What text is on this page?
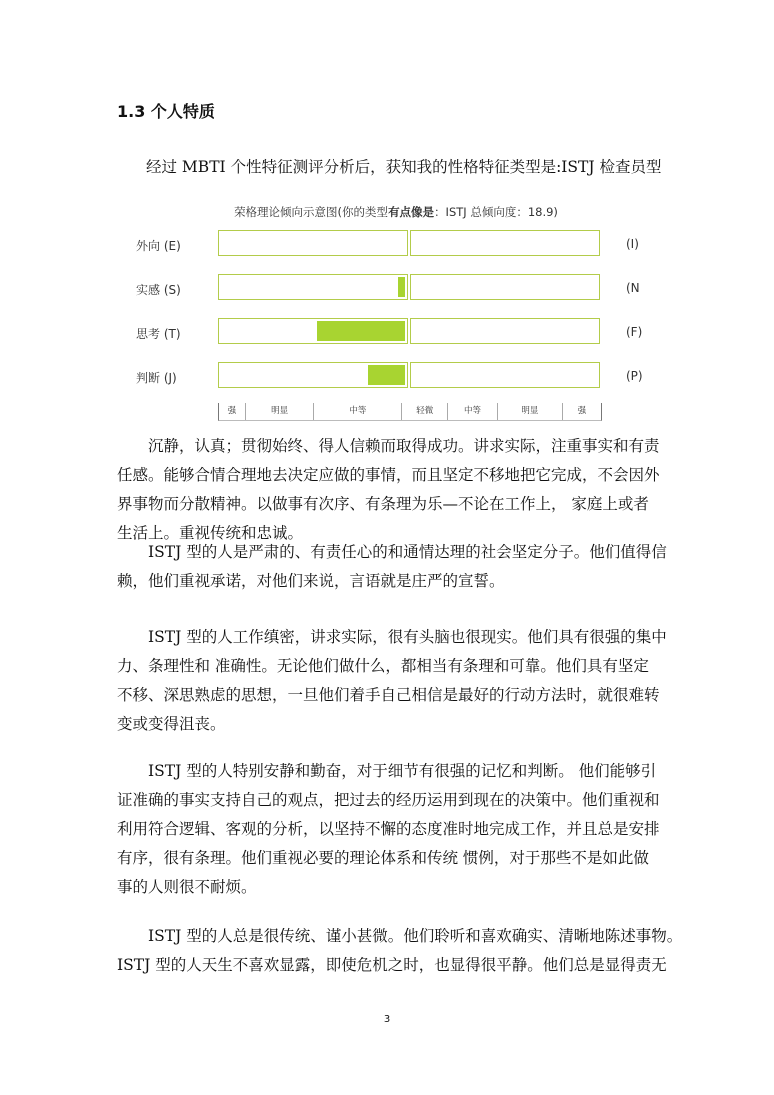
1.3 个人特质

经过 MBTI 个性特征测评分析后，获知我的性格特征类型是:ISTJ 检查员型

荣格理论倾向示意图(你的类型有点像是：ISTJ 总倾向度：18.9)

外向 (E)	(I)
实感 (S)	(N
思考 (T)	(F)
判断 (J)	(P)
强	明显	中等	轻微	中等	明显	强

沉静，认真；贯彻始终、得人信赖而取得成功。讲求实际，注重事实和有责
任感。能够合情合理地去决定应做的事情，而且坚定不移地把它完成，不会因外
界事物而分散精神。以做事有次序、有条理为乐—不论在工作上， 家庭上或者
生活上。重视传统和忠诚。

ISTJ 型的人是严肃的、有责任心的和通情达理的社会坚定分子。他们值得信
赖，他们重视承诺，对他们来说，言语就是庄严的宣誓。

ISTJ 型的人工作缜密，讲求实际，很有头脑也很现实。他们具有很强的集中
力、条理性和 准确性。无论他们做什么，都相当有条理和可靠。他们具有坚定
不移、深思熟虑的思想，一旦他们着手自己相信是最好的行动方法时，就很难转
变或变得沮丧。

ISTJ 型的人特别安静和勤奋，对于细节有很强的记忆和判断。 他们能够引
证准确的事实支持自己的观点，把过去的经历运用到现在的决策中。他们重视和
利用符合逻辑、客观的分析，以坚持不懈的态度准时地完成工作，并且总是安排
有序，很有条理。他们重视必要的理论体系和传统 惯例，对于那些不是如此做
事的人则很不耐烦。

ISTJ 型的人总是很传统、谨小甚微。他们聆听和喜欢确实、清晰地陈述事物。
ISTJ 型的人天生不喜欢显露，即使危机之时，也显得很平静。他们总是显得责无

3
